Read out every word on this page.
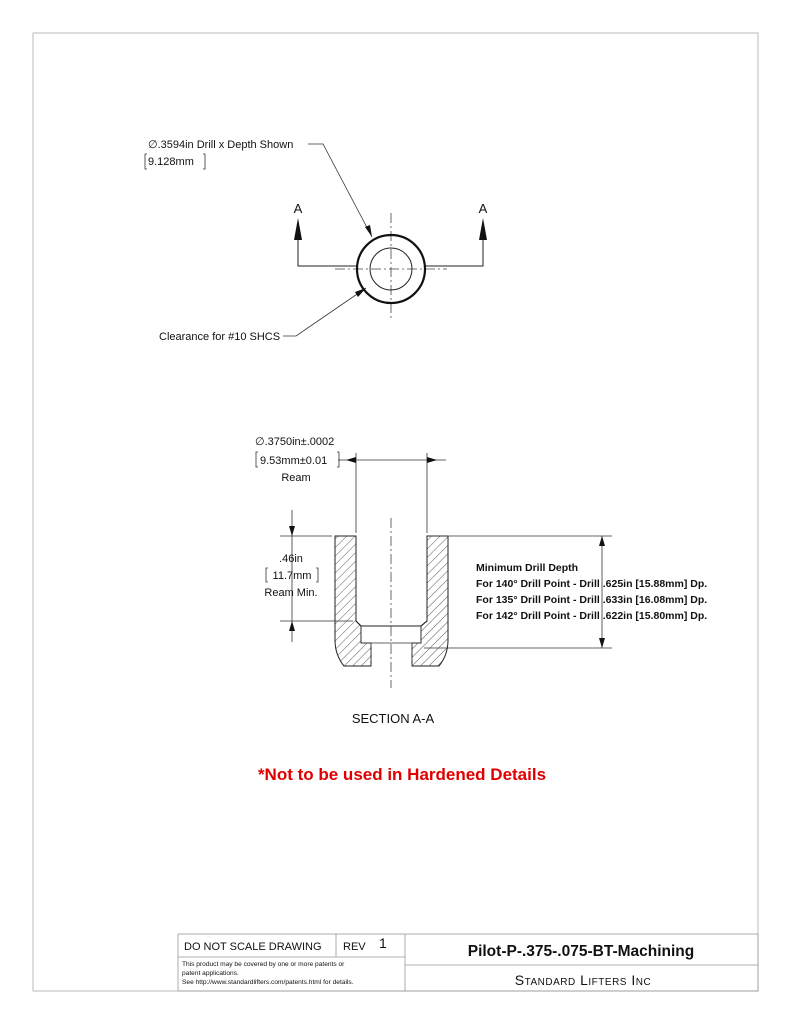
A	A
∅.3594in Drill x Depth Shown
9.128mm
Clearance for #10 SHCS
∅.3750in±.0002
9.53mm±0.01
Ream
.46in
11.7mm
Ream Min.
Minimum Drill Depth
For 140° Drill Point - Drill .625in [15.88mm] Dp.
For 135° Drill Point - Drill .633in [16.08mm] Dp.
For 142° Drill Point - Drill .622in [15.80mm] Dp.
SECTION A-A
*Not to be used in Hardened Details
DO NOT SCALE DRAWING REV 1
This product may be covered by one or more patents or
patent applications.
See http://www.standardlifters.com/patents.html for details.
Pilot-P-.375-.075-BT-Machining
Standard Lifters Inc
